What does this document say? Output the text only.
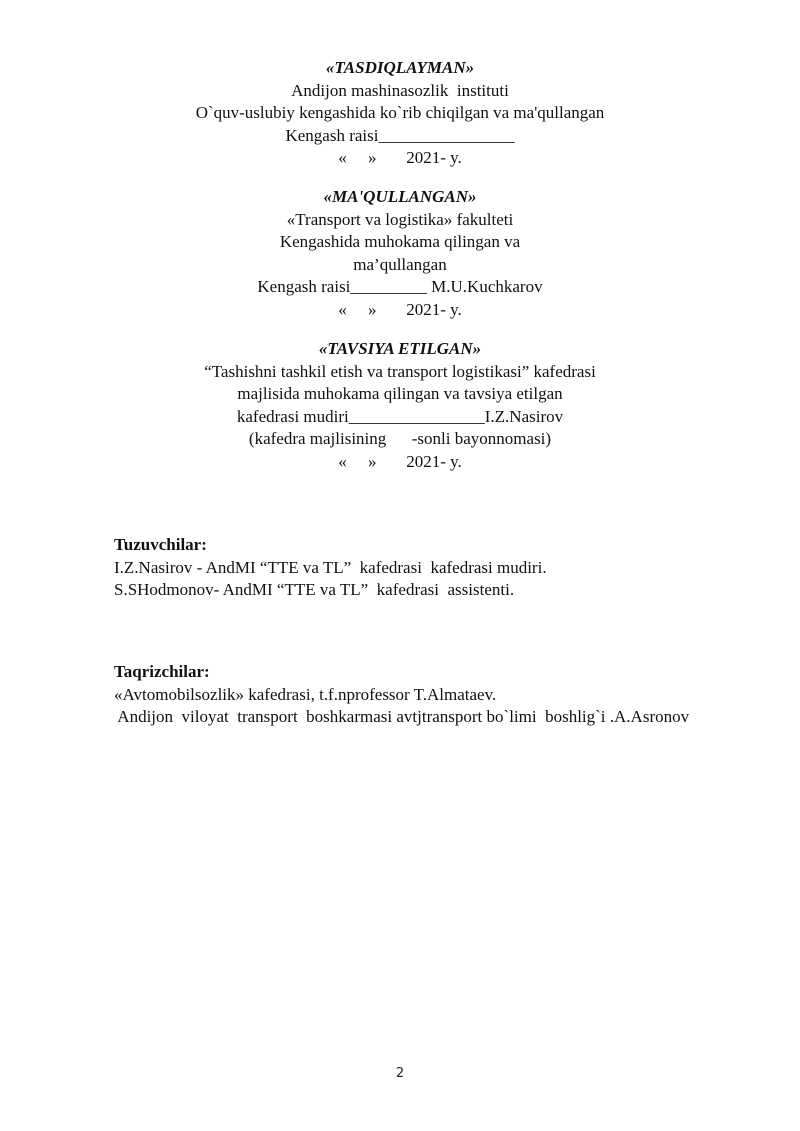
«TASDIQLAYMAN»
Andijon mashinasozlik  instituti
O`quv-uslubiy kengashida ko`rib chiqilgan va ma'qullangan
Kengash raisi________________
«     »       2021- y.
«MA'QULLANGAN»
«Transport va logistika» fakulteti
Kengashida muhokama qilingan va
ma’qullangan
Kengash raisi_________ M.U.Kuchkarov
«     »       2021- y.
«TAVSIYA ETILGAN»
“Tashishni tashkil etish va transport logistikasi” kafedrasi
majlisida muhokama qilingan va tavsiya etilgan
kafedrasi mudiri________________I.Z.Nasirov
(kafedra majlisining      -sonli bayonnomasi)
«     »       2021- y.
Tuzuvchilar:
I.Z.Nasirov - AndMI “TTE va TL”  kafedrasi  kafedrasi mudiri.
S.SHodmonov- AndMI “TTE va TL”  kafedrasi  assistenti.
Taqrizchilar:
«Avtomobilsozlik» kafedrasi, t.f.nprofessor T.Almataev.
Andijon  viloyat  transport  boshkarmasi avtjtransport bo`limi  boshlig`i .A.Asronov
2
